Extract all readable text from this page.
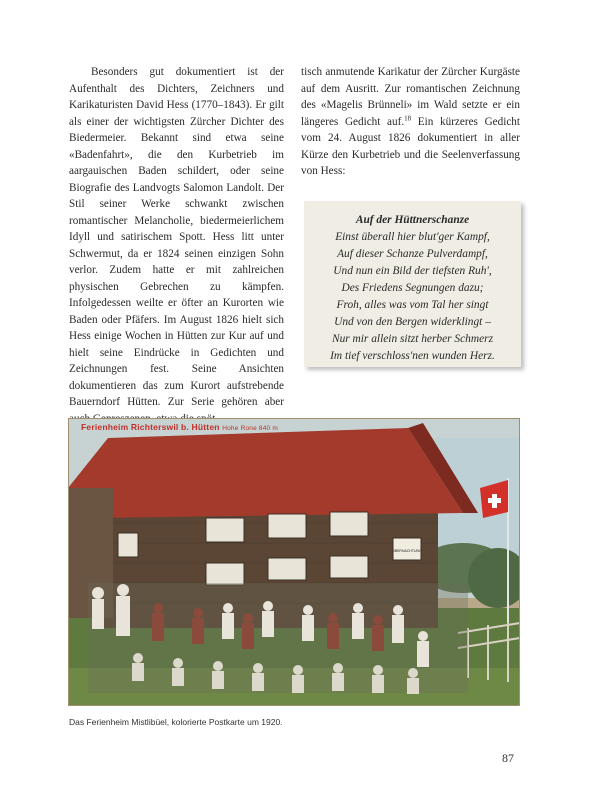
Besonders gut dokumentiert ist der Aufenthalt des Dichters, Zeichners und Karikaturisten David Hess (1770–1843). Er gilt als einer der wichtigsten Zürcher Dichter des Biedermeier. Bekannt sind etwa seine «Badenfahrt», die den Kurbetrieb im aargauischen Baden schildert, oder seine Biografie des Landvogts Salomon Landolt. Der Stil seiner Werke schwankt zwischen romantischer Melancholie, biedermeierlichem Idyll und satirischem Spott. Hess litt unter Schwermut, da er 1824 seinen einzigen Sohn verlor. Zudem hatte er mit zahlreichen physischen Gebrechen zu kämpfen. Infolgedessen weilte er öfter an Kurorten wie Baden oder Pfäfers. Im August 1826 hielt sich Hess einige Wochen in Hütten zur Kur auf und hielt seine Eindrücke in Gedichten und Zeichnungen fest. Seine Ansichten dokumentieren das zum Kurort aufstrebende Bauerndorf Hütten. Zur Serie gehören aber

tisch anmutende Karikatur der Zürcher Kurgäste auf dem Ausritt. Zur romantischen Zeichnung des «Magelis Brünneli» im Wald setzte er ein längeres Gedicht auf.$^{18}$ Ein kürzeres Gedicht vom 24. August 1826 dokumentiert in aller Kürze den Kurbetrieb und die Seelenverfassung von Hess:

Auf der Hüttnerschanze
Einst überall hier blut'ger Kampf,
Auf dieser Schanze Pulverdampf,
Und nun ein Bild der tiefsten Ruh',
Des Friedens Segnungen dazu;
Froh, alles was vom Tal her singt
Und von den Bergen widerklingt –
Nur mir allein sitzt herber Schmerz
Im tief verschloss'nen wunden Herz.
ÜBERNACHTUNG
Ferienheim Richterswil b. Hütten Hohe Rone 840 m
Das Ferienheim Mistlibüel, kolorierte Postkarte um 1920.
87
